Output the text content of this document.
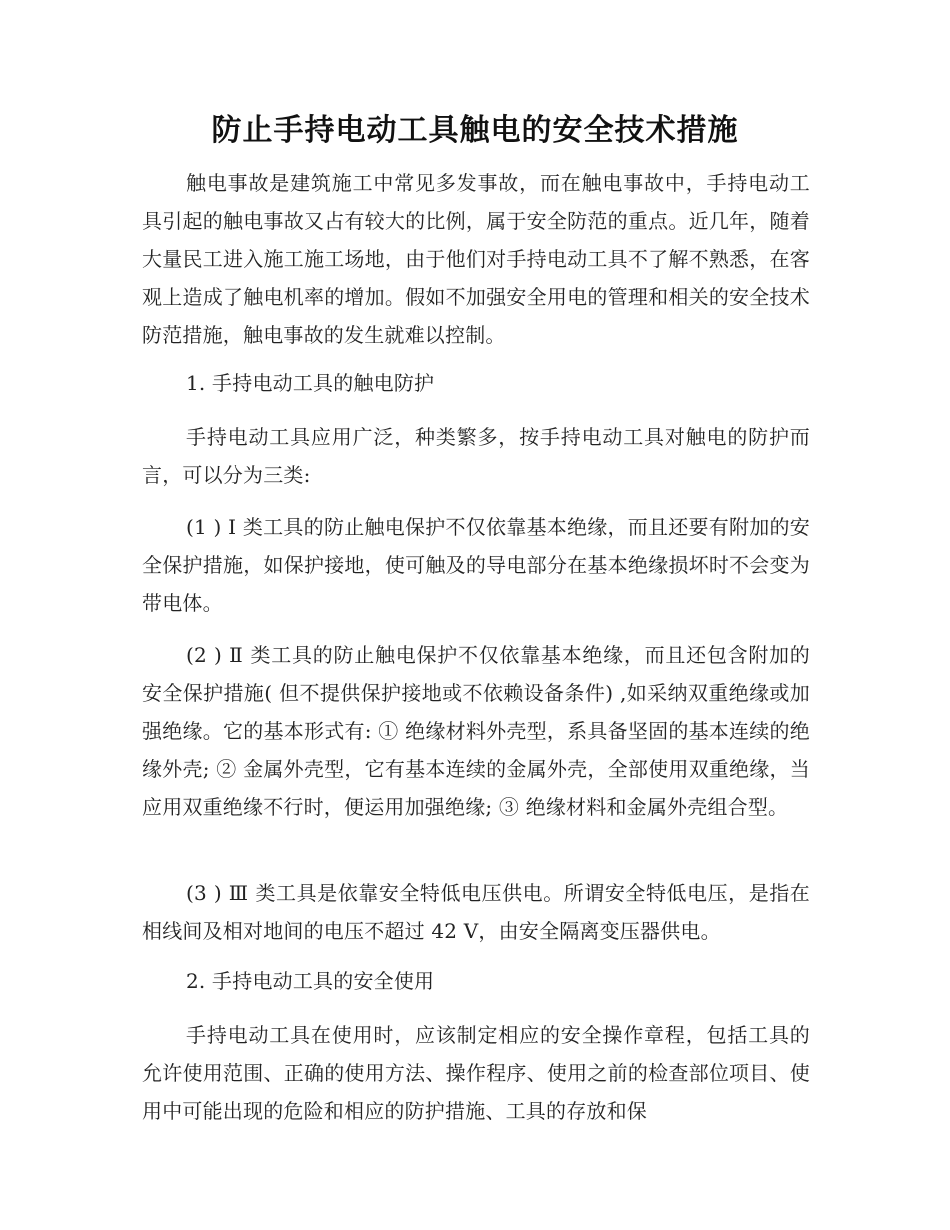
防止手持电动工具触电的安全技术措施

触电事故是建筑施工中常见多发事故，而在触电事故中，手持电动工具引起的触电事故又占有较大的比例，属于安全防范的重点。近几年，随着大量民工进入施工施工场地，由于他们对手持电动工具不了解不熟悉，在客观上造成了触电机率的增加。假如不加强安全用电的管理和相关的安全技术防范措施，触电事故的发生就难以控制。

1. 手持电动工具的触电防护

手持电动工具应用广泛，种类繁多，按手持电动工具对触电的防护而言，可以分为三类:

(1 ) Ⅰ 类工具的防止触电保护不仅依靠基本绝缘，而且还要有附加的安全保护措施，如保护接地，使可触及的导电部分在基本绝缘损坏时不会变为带电体。

(2 ) Ⅱ 类工具的防止触电保护不仅依靠基本绝缘，而且还包含附加的安全保护措施( 但不提供保护接地或不依赖设备条件) ,如采纳双重绝缘或加强绝缘。它的基本形式有: ① 绝缘材料外壳型，系具备坚固的基本连续的绝缘外壳; ② 金属外壳型，它有基本连续的金属外壳，全部使用双重绝缘，当应用双重绝缘不行时，便运用加强绝缘; ③ 绝缘材料和金属外壳组合型。

(3 ) Ⅲ 类工具是依靠安全特低电压供电。所谓安全特低电压，是指在相线间及相对地间的电压不超过 42 V，由安全隔离变压器供电。

2. 手持电动工具的安全使用

手持电动工具在使用时，应该制定相应的安全操作章程，包括工具的允许使用范围、正确的使用方法、操作程序、使用之前的检查部位项目、使用中可能出现的危险和相应的防护措施、工具的存放和保
